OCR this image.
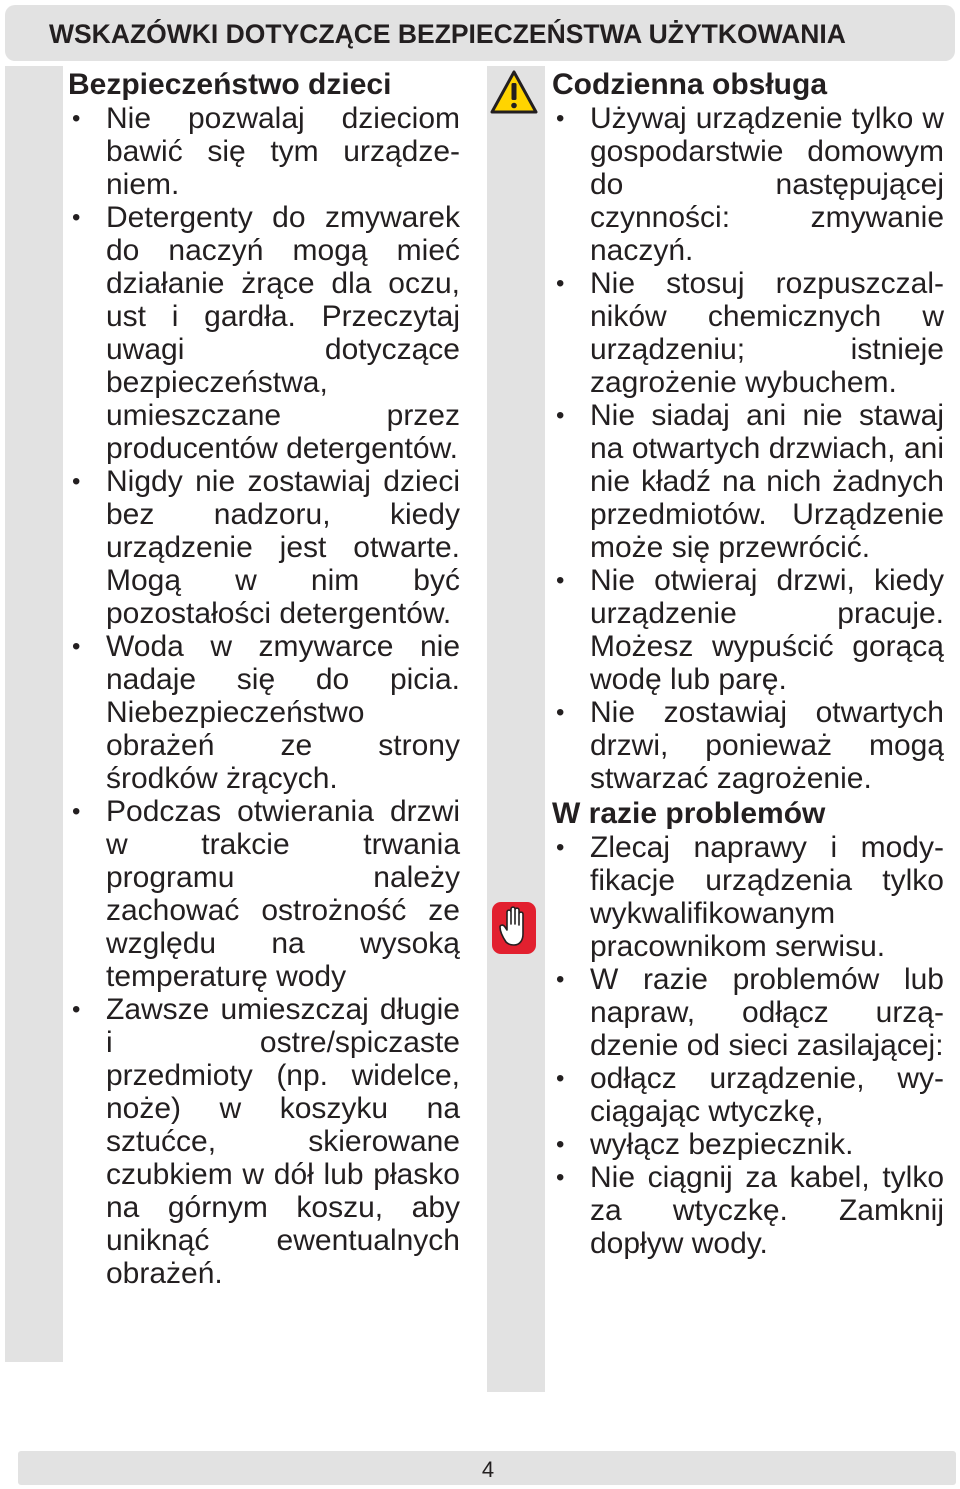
WSKAZÓWKI DOTYCZĄCE BEZPIECZEŃSTWA UŻYTKOWANIA
Bezpieczeństwo dzieci
• Nie pozwalaj dzieciom bawić się tym urządzeniem.
• Detergenty do zmywarek do naczyń mogą mieć działanie żrące dla oczu, ust i gardła. Przeczytaj uwagi dotyczące bezpieczeństwa, umieszczane przez producentów detergentów.
• Nigdy nie zostawiaj dzieci bez nadzoru, kiedy urządzenie jest otwarte. Mogą w nim być pozostałości detergentów.
• Woda w zmywarce nie nadaje się do picia. Niebezpieczeństwo obrażeń ze strony środków żrących.
• Podczas otwierania drzwi w trakcie trwania programu należy zachować ostrożność ze względu na wysoką temperaturę wody
• Zawsze umieszczaj długie i ostre/spiczaste przedmioty (np. widelce, noże) w koszyku na sztućce, skierowane czubkiem w dół lub płasko na górnym koszu, aby uniknąć ewentualnych obrażeń.
Codzienna obsługa
• Używaj urządzenie tylko w gospodarstwie domowym do następującej czynności: zmywanie naczyń.
• Nie stosuj rozpuszczalników chemicznych w urządzeniu; istnieje zagrożenie wybuchem.
• Nie siadaj ani nie stawaj na otwartych drzwiach, ani nie kładź na nich żadnych przedmiotów. Urządzenie może się przewrócić.
• Nie otwieraj drzwi, kiedy urządzenie pracuje. Możesz wypuścić gorącą wodę lub parę.
• Nie zostawiaj otwartych drzwi, ponieważ mogą stwarzać zagrożenie.
W razie problemów
• Zlecaj naprawy i modyfikacje urządzenia tylko wykwalifikowanym pracownikom serwisu.
• W razie problemów lub napraw, odłącz urządzenie od sieci zasilającej:
• odłącz urządzenie, wyciągając wtyczkę,
• wyłącz bezpiecznik.
• Nie ciągnij za kabel, tylko za wtyczkę. Zamknij dopływ wody.
4
